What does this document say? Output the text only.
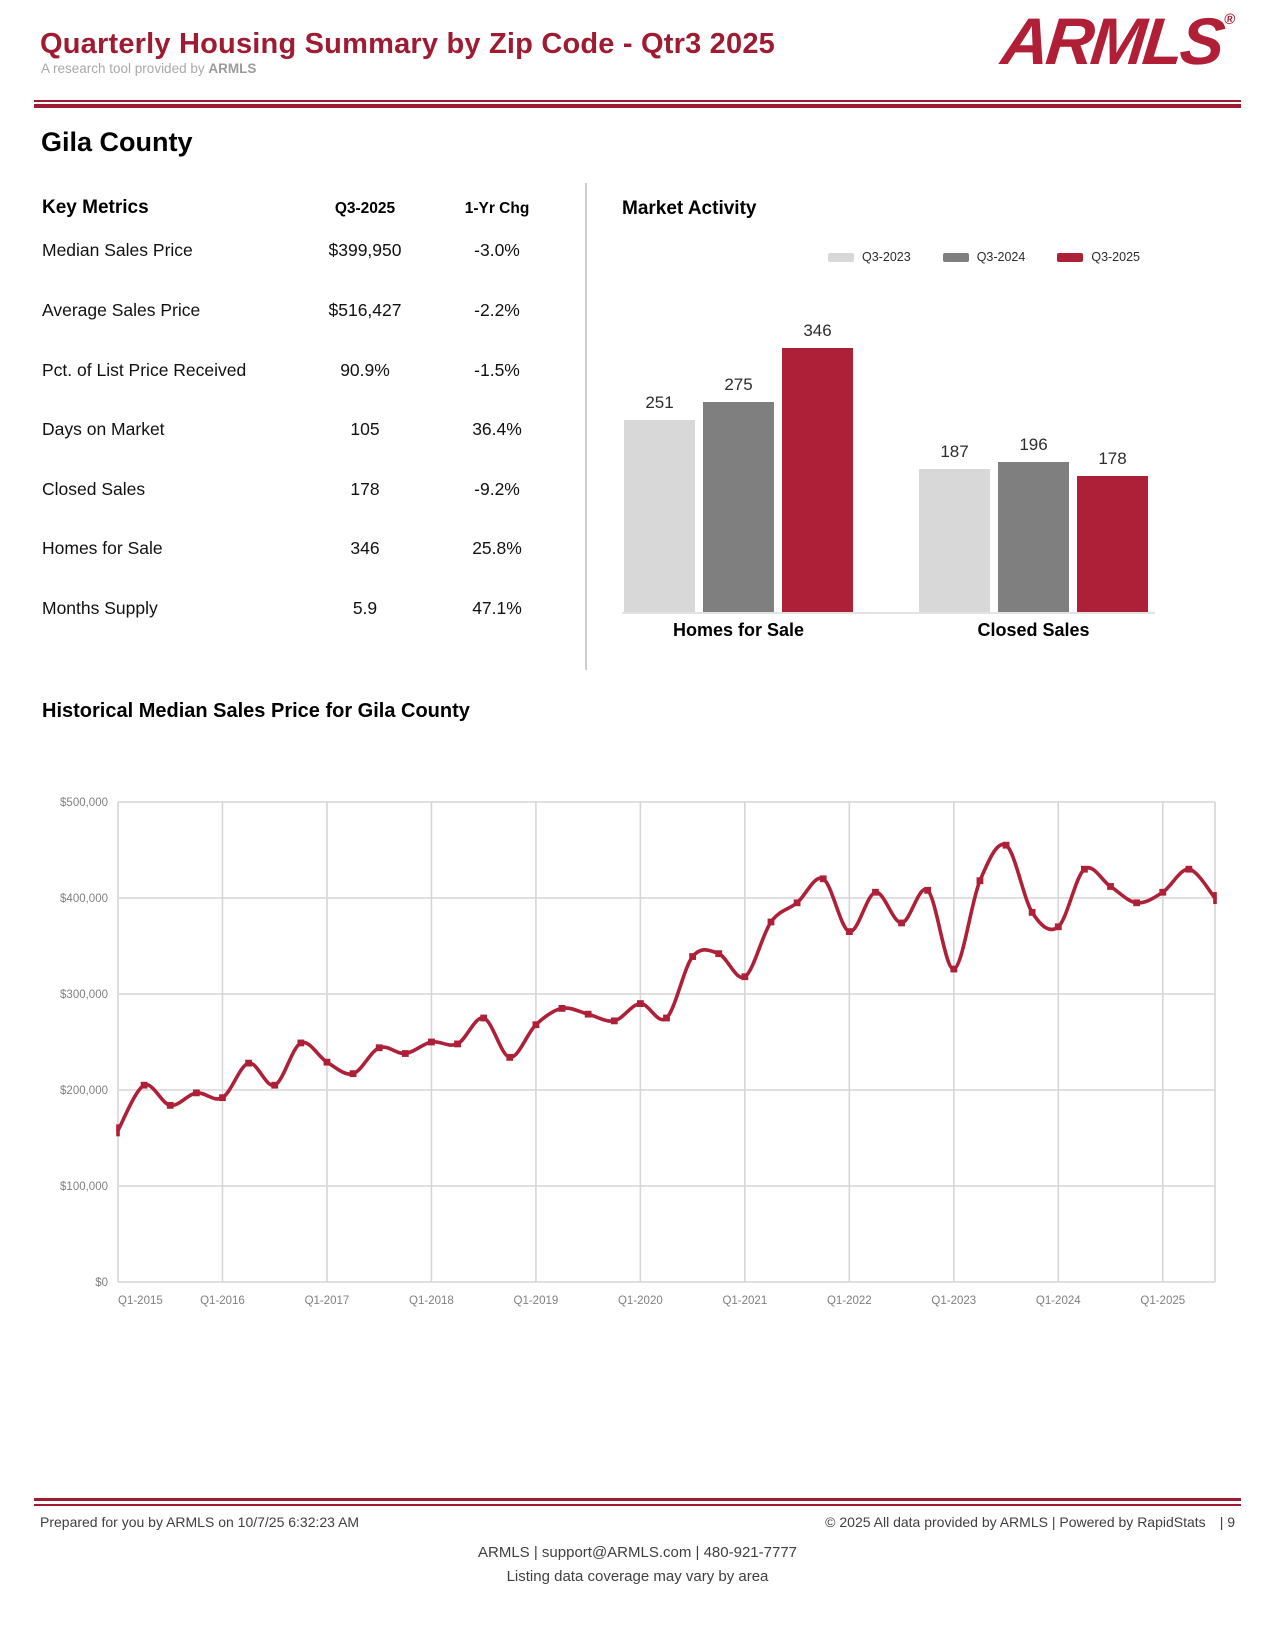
Quarterly Housing Summary by Zip Code - Qtr3 2025
A research tool provided by ARMLS	ARMLS®
Gila County
Key Metrics	Q3-2025	1-Yr Chg
Median Sales Price	$399,950	-3.0%
Average Sales Price	$516,427	-2.2%
Pct. of List Price Received	90.9%	-1.5%
Days on Market	105	36.4%
Closed Sales	178	-9.2%
Homes for Sale	346	25.8%
Months Supply	5.9	47.1%
Market Activity
Q3-2023	Q3-2024	Q3-2025
251
275
346
Homes for Sale
187	196
178
Closed Sales
Historical Median Sales Price for Gila County
$0
$100,000
$200,000
$300,000
$400,000
$500,000
Q1-2015	Q1-2016	Q1-2017	Q1-2018	Q1-2019	Q1-2020	Q1-2021	Q1-2022	Q1-2023	Q1-2024	Q1-2025
Prepared for you by ARMLS on 10/7/25 6:32:23 AM	© 2025 All data provided by ARMLS | Powered by RapidStats | 9
ARMLS | support@ARMLS.com | 480-921-7777
Listing data coverage may vary by area
